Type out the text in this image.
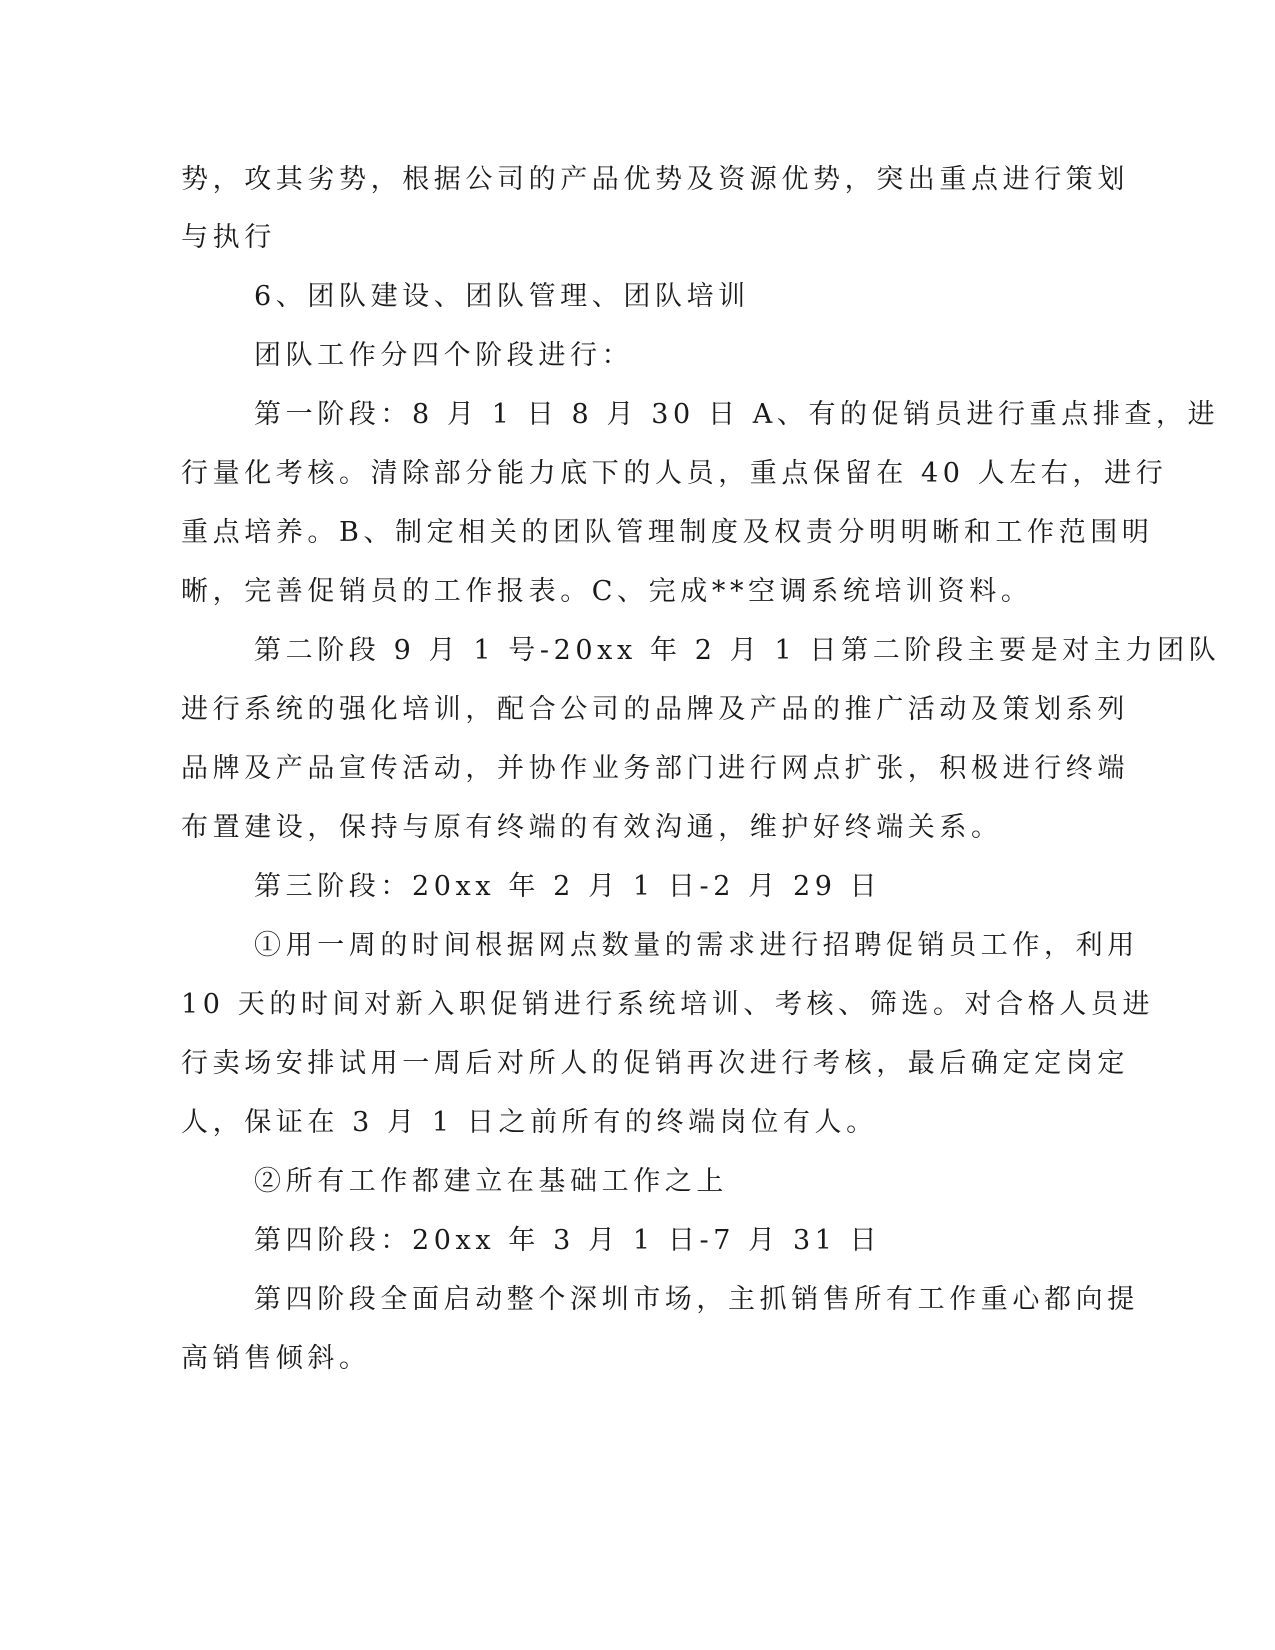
势，攻其劣势，根据公司的产品优势及资源优势，突出重点进行策划
与执行
6、团队建设、团队管理、团队培训
团队工作分四个阶段进行：
第一阶段：8 月 1 日 8 月 30 日 A、有的促销员进行重点排查，进
行量化考核。清除部分能力底下的人员，重点保留在 40 人左右，进行
重点培养。B、制定相关的团队管理制度及权责分明明晰和工作范围明
晰，完善促销员的工作报表。C、完成**空调系统培训资料。
第二阶段 9 月 1 号-20xx 年 2 月 1 日第二阶段主要是对主力团队
进行系统的强化培训，配合公司的品牌及产品的推广活动及策划系列
品牌及产品宣传活动，并协作业务部门进行网点扩张，积极进行终端
布置建设，保持与原有终端的有效沟通，维护好终端关系。
第三阶段：20xx 年 2 月 1 日-2 月 29 日
①用一周的时间根据网点数量的需求进行招聘促销员工作，利用
10 天的时间对新入职促销进行系统培训、考核、筛选。对合格人员进
行卖场安排试用一周后对所人的促销再次进行考核，最后确定定岗定
人，保证在 3 月 1 日之前所有的终端岗位有人。
②所有工作都建立在基础工作之上
第四阶段：20xx 年 3 月 1 日-7 月 31 日
第四阶段全面启动整个深圳市场，主抓销售所有工作重心都向提
高销售倾斜。
